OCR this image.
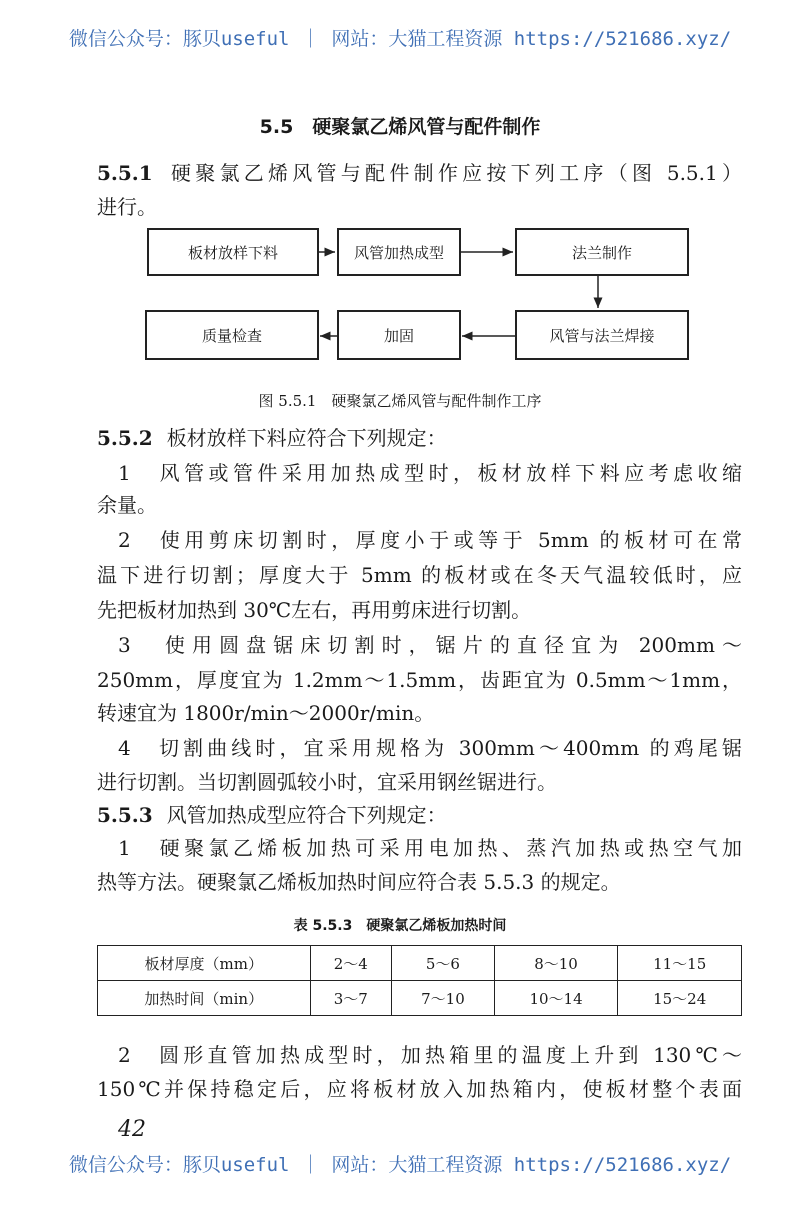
微信公众号：豚贝useful ｜ 网站：大猫工程资源 https://521686.xyz/
5.5　硬聚氯乙烯风管与配件制作
5.5.1 硬聚氯乙烯风管与配件制作应按下列工序（图 5.5.1）
进行。
板材放样下料	风管加热成型	法兰制作
风管与法兰焊接
加固
质量检查
图 5.5.1　硬聚氯乙烯风管与配件制作工序
5.5.2 板材放样下料应符合下列规定：
1　风管或管件采用加热成型时，板材放样下料应考虑收缩
余量。
2　使用剪床切割时，厚度小于或等于 5mm 的板材可在常
温下进行切割；厚度大于 5mm 的板材或在冬天气温较低时，应
先把板材加热到 30℃左右，再用剪床进行切割。
3　使用圆盘锯床切割时，锯片的直径宜为 200mm～
250mm，厚度宜为 1.2mm～1.5mm，齿距宜为 0.5mm～1mm，
转速宜为 1800r/min～2000r/min。
4　切割曲线时，宜采用规格为 300mm～400mm 的鸡尾锯
进行切割。当切割圆弧较小时，宜采用钢丝锯进行。
5.5.3 风管加热成型应符合下列规定：
1　硬聚氯乙烯板加热可采用电加热、蒸汽加热或热空气加
热等方法。硬聚氯乙烯板加热时间应符合表 5.5.3 的规定。
表 5.5.3　硬聚氯乙烯板加热时间
板材厚度（mm）	2～4	5～6	8～10	11～15
加热时间（min）	3～7	7～10	10～14	15～24
2　圆形直管加热成型时，加热箱里的温度上升到 130℃～
150℃并保持稳定后，应将板材放入加热箱内，使板材整个表面
42
微信公众号：豚贝useful ｜ 网站：大猫工程资源 https://521686.xyz/
